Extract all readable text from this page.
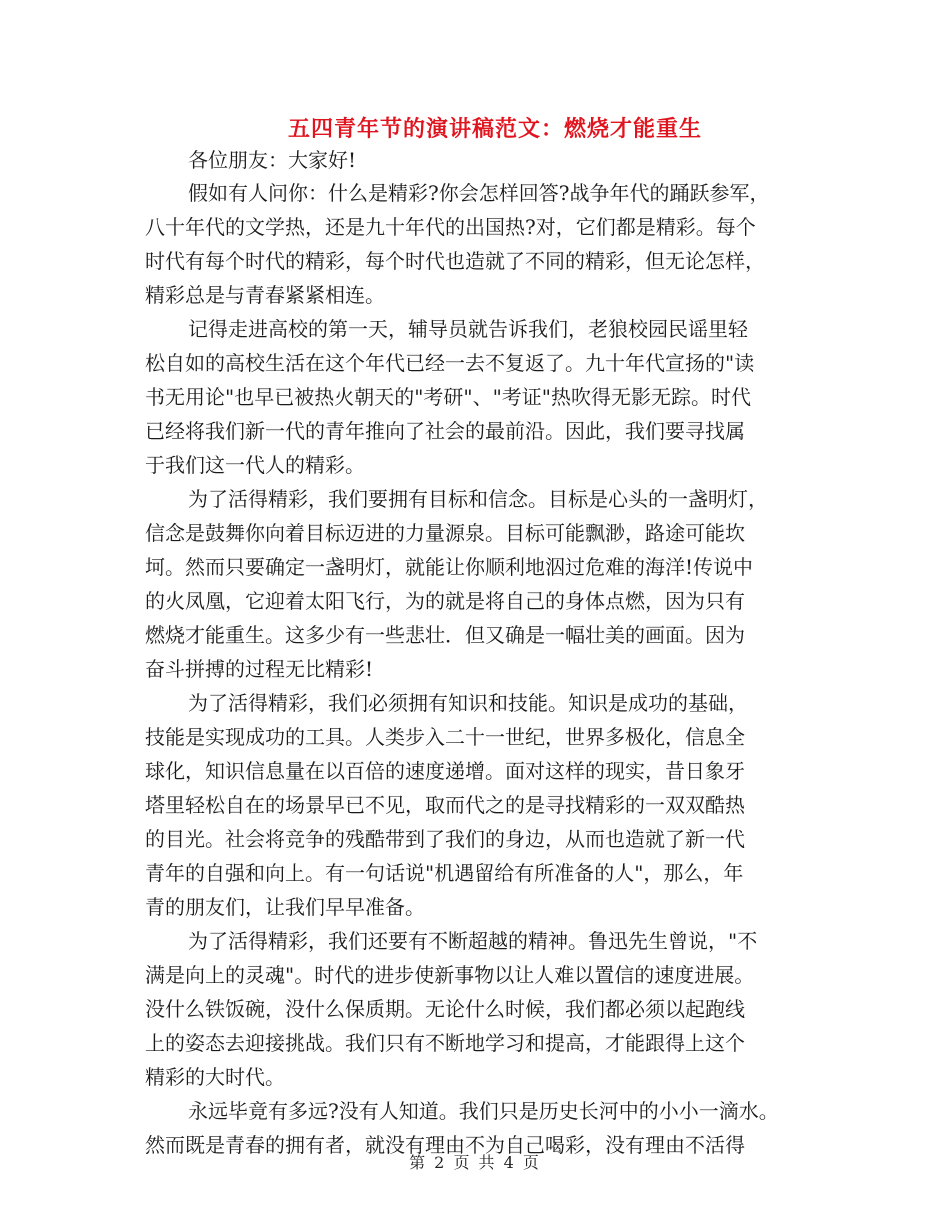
五四青年节的演讲稿范文：燃烧才能重生

各位朋友：大家好!

假如有人问你：什么是精彩?你会怎样回答?战争年代的踊跃参军，

八十年代的文学热，还是九十年代的出国热?对，它们都是精彩。每个

时代有每个时代的精彩，每个时代也造就了不同的精彩，但无论怎样，

精彩总是与青春紧紧相连。

记得走进高校的第一天，辅导员就告诉我们，老狼校园民谣里轻

松自如的高校生活在这个年代已经一去不复返了。九十年代宣扬的"读

书无用论"也早已被热火朝天的"考研"、"考证"热吹得无影无踪。时代

已经将我们新一代的青年推向了社会的最前沿。因此，我们要寻找属

于我们这一代人的精彩。

为了活得精彩，我们要拥有目标和信念。目标是心头的一盏明灯，

信念是鼓舞你向着目标迈进的力量源泉。目标可能飘渺，路途可能坎

坷。然而只要确定一盏明灯，就能让你顺利地泅过危难的海洋!传说中

的火凤凰，它迎着太阳飞行，为的就是将自己的身体点燃，因为只有

燃烧才能重生。这多少有一些悲壮．但又确是一幅壮美的画面。因为

奋斗拼搏的过程无比精彩!

为了活得精彩，我们必须拥有知识和技能。知识是成功的基础，

技能是实现成功的工具。人类步入二十一世纪，世界多极化，信息全

球化，知识信息量在以百倍的速度递增。面对这样的现实，昔日象牙

塔里轻松自在的场景早已不见，取而代之的是寻找精彩的一双双酷热

的目光。社会将竞争的残酷带到了我们的身边，从而也造就了新一代

青年的自强和向上。有一句话说"机遇留给有所准备的人"，那么，年

青的朋友们，让我们早早准备。

为了活得精彩，我们还要有不断超越的精神。鲁迅先生曾说，"不

满是向上的灵魂"。时代的进步使新事物以让人难以置信的速度进展。

没什么铁饭碗，没什么保质期。无论什么时候，我们都必须以起跑线

上的姿态去迎接挑战。我们只有不断地学习和提高，才能跟得上这个

精彩的大时代。

永远毕竟有多远?没有人知道。我们只是历史长河中的小小一滴水。

然而既是青春的拥有者，就没有理由不为自己喝彩，没有理由不活得

第 2 页 共 4 页
